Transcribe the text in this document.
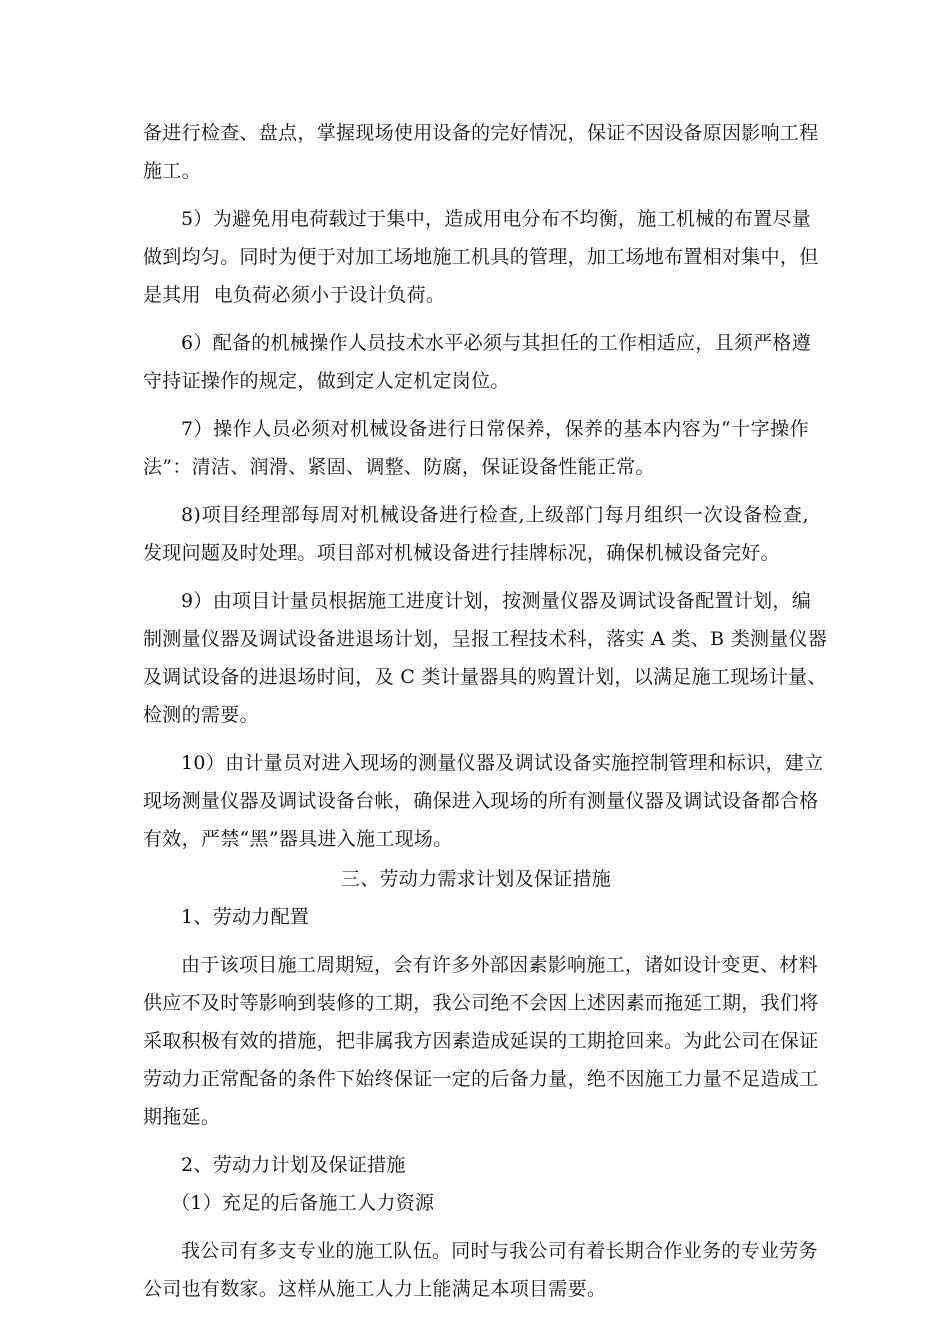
备进行检查、盘点，掌握现场使用设备的完好情况，保证不因设备原因影响工程
施工。
5）为避免用电荷载过于集中，造成用电分布不均衡，施工机械的布置尽量
做到均匀。同时为便于对加工场地施工机具的管理，加工场地布置相对集中，但
是其用  电负荷必须小于设计负荷。
6）配备的机械操作人员技术水平必须与其担任的工作相适应，且须严格遵
守持证操作的规定，做到定人定机定岗位。
7）操作人员必须对机械设备进行日常保养，保养的基本内容为“十字操作
法”：清洁、润滑、紧固、调整、防腐，保证设备性能正常。
8)项目经理部每周对机械设备进行检查,上级部门每月组织一次设备检查,
发现问题及时处理。项目部对机械设备进行挂牌标况，确保机械设备完好。
9）由项目计量员根据施工进度计划，按测量仪器及调试设备配置计划，编
制测量仪器及调试设备进退场计划，呈报工程技术科，落实 A 类、B 类测量仪器
及调试设备的进退场时间，及 C 类计量器具的购置计划，以满足施工现场计量、
检测的需要。
10）由计量员对进入现场的测量仪器及调试设备实施控制管理和标识，建立
现场测量仪器及调试设备台帐，确保进入现场的所有测量仪器及调试设备都合格
有效，严禁“黑”器具进入施工现场。
三、劳动力需求计划及保证措施
1、劳动力配置
由于该项目施工周期短，会有许多外部因素影响施工，诸如设计变更、材料
供应不及时等影响到装修的工期，我公司绝不会因上述因素而拖延工期，我们将
采取积极有效的措施，把非属我方因素造成延误的工期抢回来。为此公司在保证
劳动力正常配备的条件下始终保证一定的后备力量，绝不因施工力量不足造成工
期拖延。
2、劳动力计划及保证措施
（1）充足的后备施工人力资源
我公司有多支专业的施工队伍。同时与我公司有着长期合作业务的专业劳务
公司也有数家。这样从施工人力上能满足本项目需要。
